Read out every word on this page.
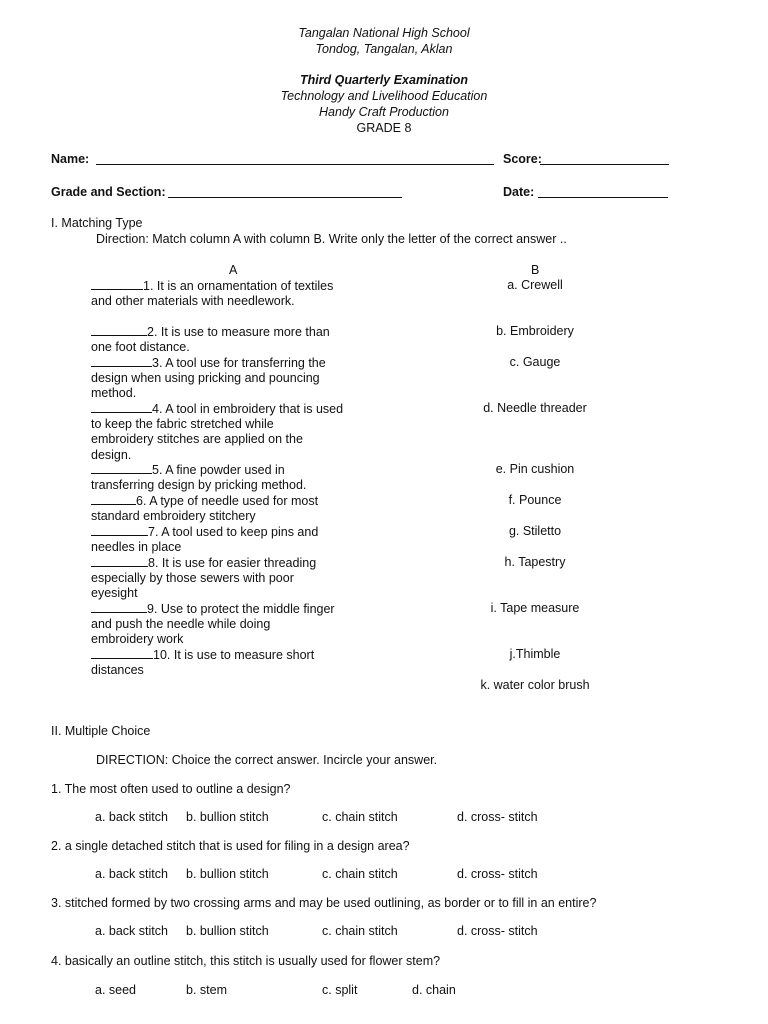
Tangalan National High School
Tondog, Tangalan, Aklan
Third Quarterly Examination
Technology and Livelihood Education
Handy Craft Production
GRADE 8
Name:	Score:
Grade and Section:	Date:
I. Matching Type
Direction: Match column A with column B. Write only the letter of the correct answer ..
A	B
1. It is an ornamentation of textiles
and other materials with needlework.
2. It is use to measure more than
one foot distance.
3. A tool use for transferring the
design when using pricking and pouncing
method.
4. A tool in embroidery that is used
to keep the fabric stretched while
embroidery stitches are applied on the
design.
5. A fine powder used in
transferring design by pricking method.
6. A type of needle used for most
standard embroidery stitchery
7. A tool used to keep pins and
needles in place
8. It is use for easier threading
especially by those sewers with poor
eyesight
9. Use to protect the middle finger
and push the needle while doing
embroidery work
10. It is use to measure short
distances
a. Crewell
b. Embroidery
c. Gauge
d. Needle threader
e. Pin cushion
f. Pounce
g. Stiletto
h. Tapestry
i. Tape measure
j.Thimble
k. water color brush
II. Multiple Choice
DIRECTION: Choice the correct answer. Incircle your answer.
1. The most often used to outline a design?
a. back stitch b. bullion stitch	c. chain stitch	d. cross- stitch
2. a single detached stitch that is used for filing in a design area?
a. back stitch b. bullion stitch	c. chain stitch	d. cross- stitch
3. stitched formed by two crossing arms and may be used outlining, as border or to fill in an entire?
a. back stitch b. bullion stitch	c. chain stitch	d. cross- stitch
4. basically an outline stitch, this stitch is usually used for flower stem?
a. seed	b. stem	c. split	d. chain
